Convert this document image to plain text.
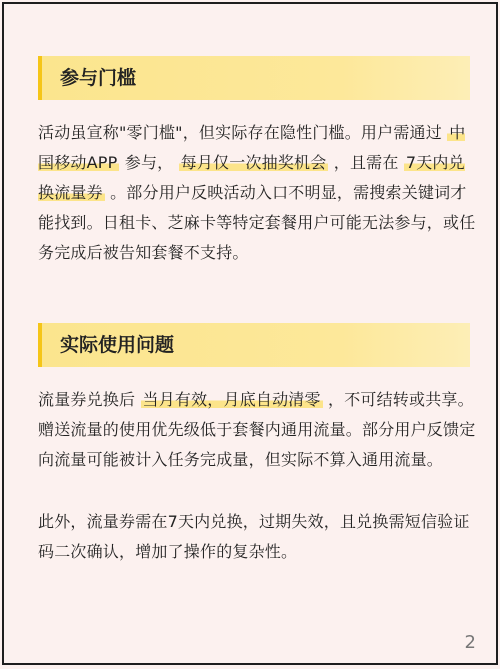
参与门槛

活动虽宣称"零门槛"，但实际存在隐性门槛。用户需通过 中国移动APP 参与， 每月仅一次抽奖机会 ，且需在 7天内兑换流量券 。部分用户反映活动入口不明显，需搜索关键词才能找到。日租卡、芝麻卡等特定套餐用户可能无法参与，或任务完成后被告知套餐不支持。

实际使用问题

流量券兑换后 当月有效，月底自动清零 ，不可结转或共享。赠送流量的使用优先级低于套餐内通用流量。部分用户反馈定向流量可能被计入任务完成量，但实际不算入通用流量。

此外，流量券需在7天内兑换，过期失效，且兑换需短信验证码二次确认，增加了操作的复杂性。

2
